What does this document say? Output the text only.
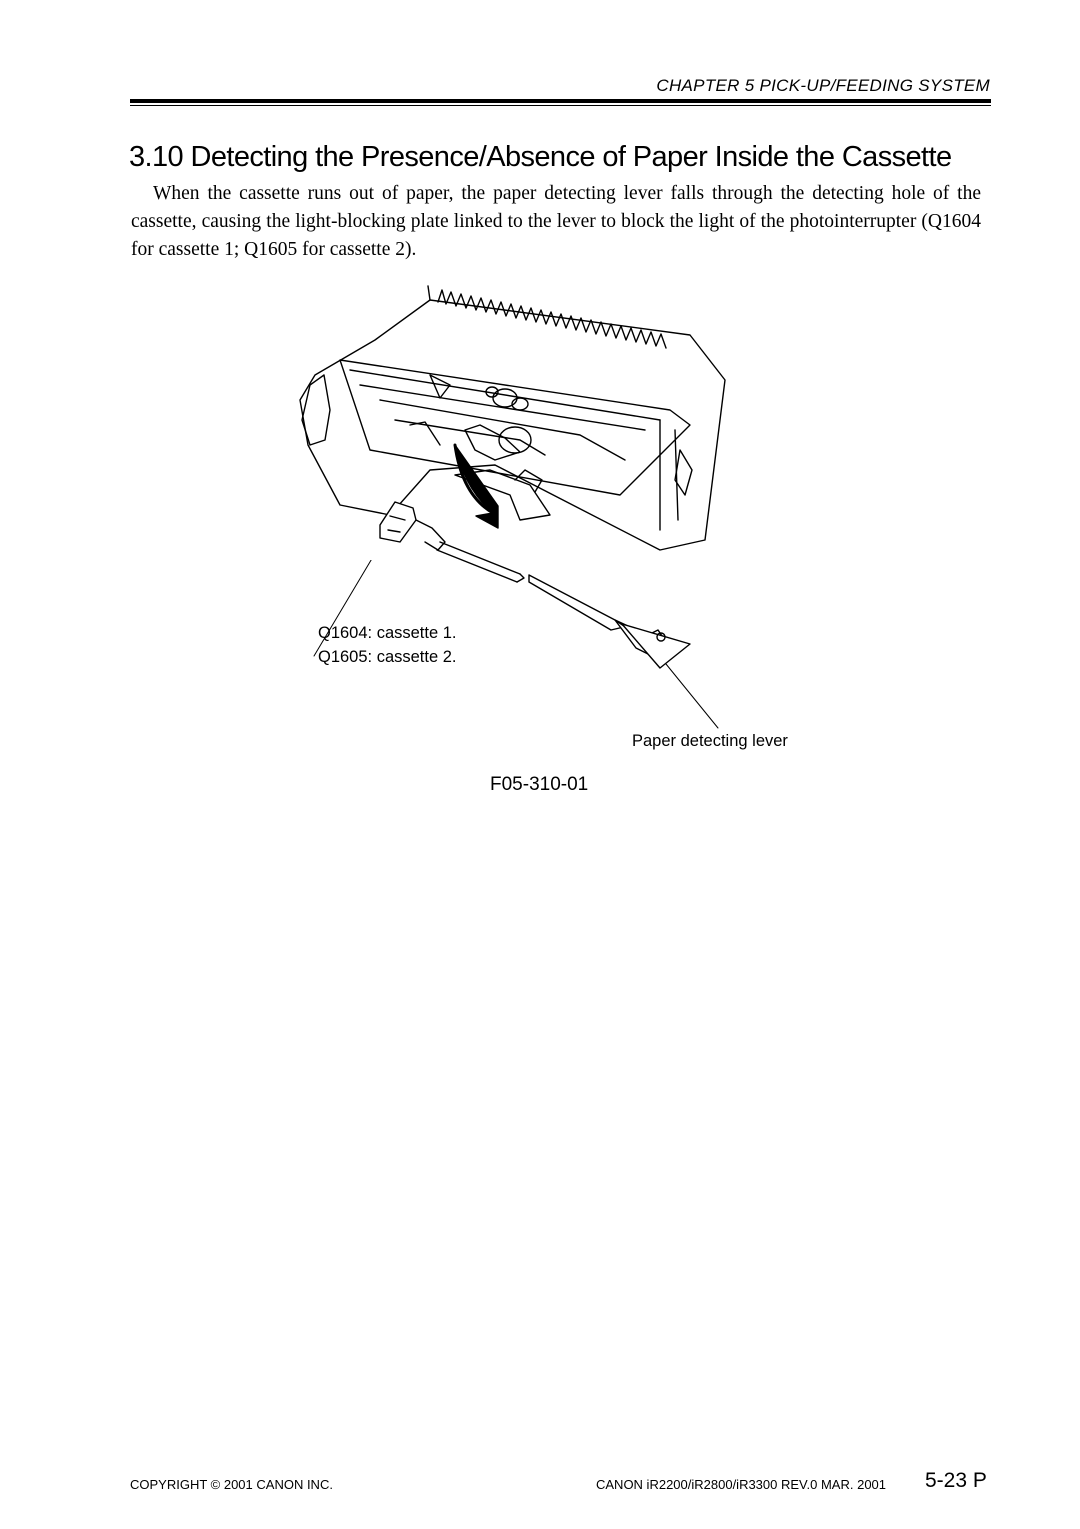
CHAPTER 5 PICK-UP/FEEDING SYSTEM
3.10 Detecting the Presence/Absence of Paper Inside the Cassette
When the cassette runs out of paper, the paper detecting lever falls through the detecting hole of the cassette, causing the light-blocking plate linked to the lever to block the light of the photointerrupter (Q1604 for cassette 1; Q1605 for cassette 2).
Q1604: cassette 1.
Q1605: cassette 2.
Paper detecting lever
F05-310-01
COPYRIGHT © 2001 CANON INC.	CANON iR2200/iR2800/iR3300 REV.0 MAR. 2001 5-23 P
